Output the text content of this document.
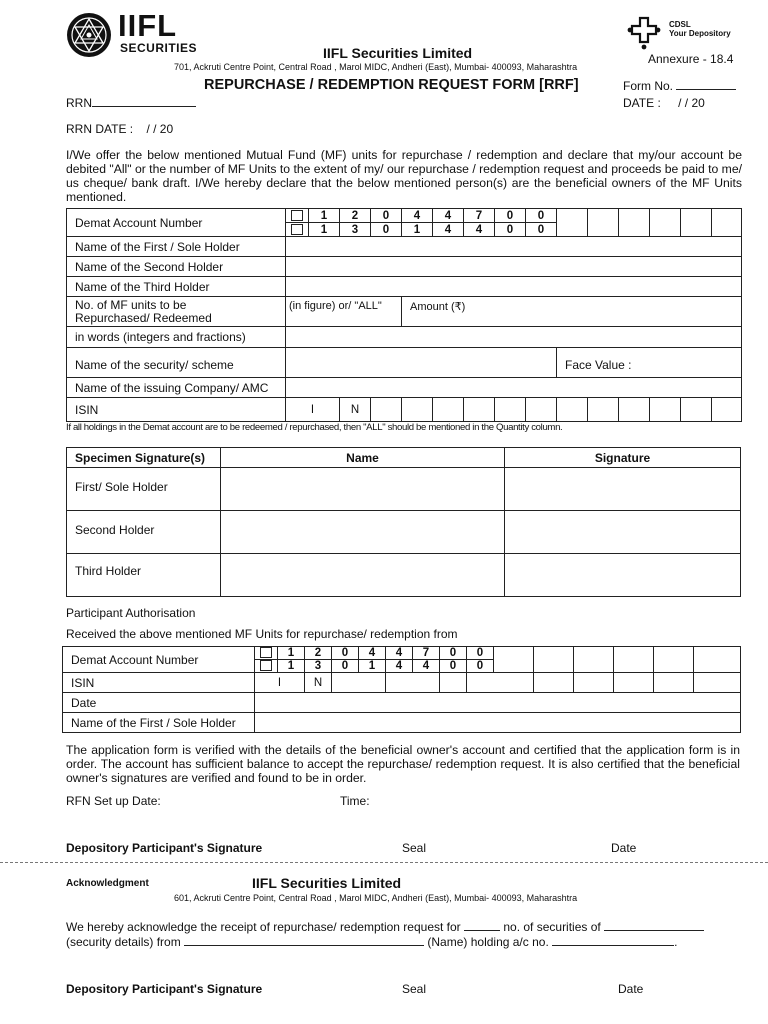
IIFL
SECURITIES	IIFL Securities Limited
701, Ackruti Centre Point, Central Road , Marol MIDC, Andheri (East), Mumbai- 400093, Maharashtra
REPURCHASE / REDEMPTION REQUEST FORM [RRF]
CDSL
Your Depository
Annexure - 18.4
Form No.
DATE : / / 20
RRN
RRN DATE : / / 20
I/We offer the below mentioned Mutual Fund (MF) units for repurchase / redemption and declare that my/our account be debited "All" or the number of MF Units to the extent of my/ our repurchase / redemption request and proceeds be paid to me/ us cheque/ bank draft. I/We hereby declare that the below mentioned person(s) are the beneficial owners of the MF Units mentioned.
Demat Account Number		1	2	0	4	4	7	0	0						
		1	3	0	1	4	4	0	0						
Name of the First / Sole Holder															
Name of the Second Holder															
Name of the Third Holder															

No. of MF units to be
Repurchased/ Redeemed	(in figure) or/ "ALL"				Amount (₹)										
in words (integers and fractions)															
Name of the security/ scheme										Face Value :					
Name of the issuing Company/ AMC															
ISIN	I		N												
If all holdings in the Demat account are to be redeemed / repurchased, then "ALL" should be mentioned in the Quantity column.
Specimen Signature(s)	Name	Signature
First/ Sole Holder		
Second Holder		
Third Holder		
Participant Authorisation
Received the above mentioned MF Units for repurchase/ redemption from
Demat Account Number		1	2	0	4	4	7	0	0						
		1	3	0	1	4	4	0	0						
ISIN	I		N												
Date															
Name of the First / Sole Holder															
The application form is verified with the details of the beneficial owner's account and certified that the application form is in order. The account has sufficient balance to accept the repurchase/ redemption request. It is also certified that the beneficial owner's signatures are verified and found to be in order.
RFN Set up Date:	Time:
Depository Participant's Signature	Seal	Date
Acknowledgment	IIFL Securities Limited
601, Ackruti Centre Point, Central Road , Marol MIDC, Andheri (East), Mumbai- 400093, Maharashtra
We hereby acknowledge the receipt of repurchase/ redemption request for	no. of securities of
(security details) from	(Name) holding a/c no.	.
Depository Participant's Signature	Seal	Date
